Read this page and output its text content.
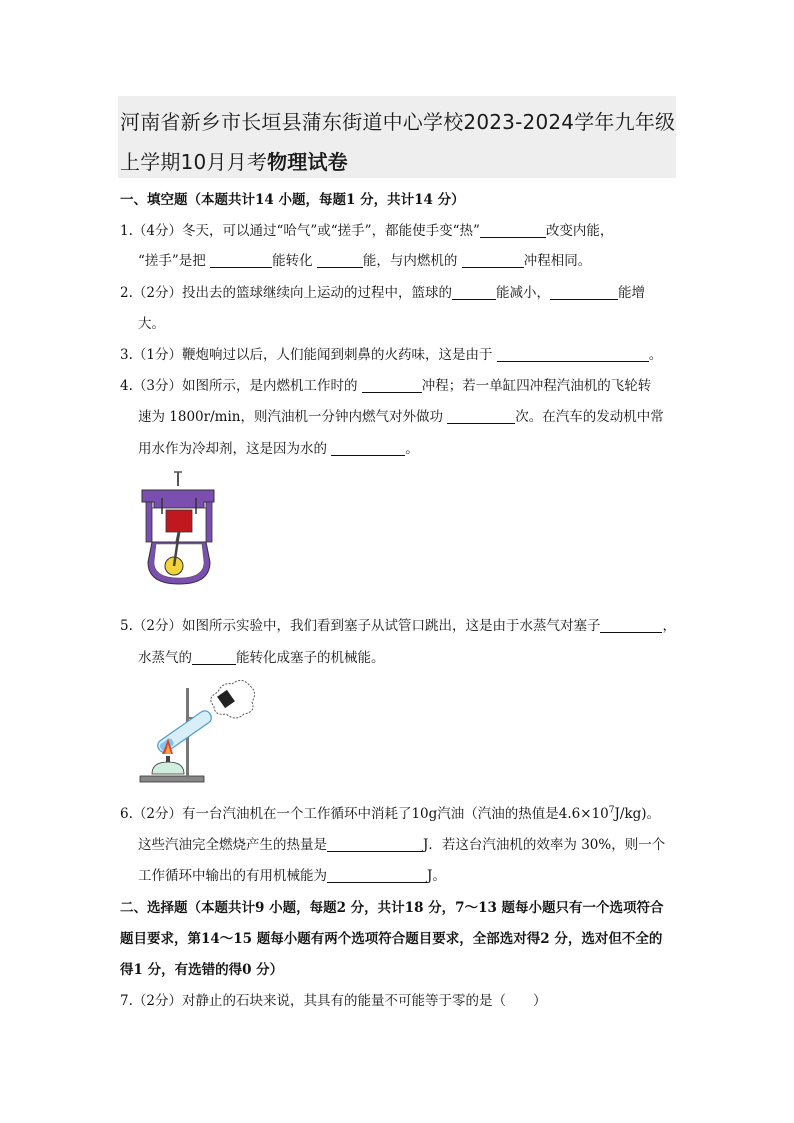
河南省新乡市长垣县蒲东街道中心学校2023-2024学年九年级
上学期10月月考物理试卷
一、填空题（本题共计14 小题，每题1 分，共计14 分）
1.（4分）冬天，可以通过“哈气”或“搓手”，都能使手变“热”	改变内能，
“搓手”是把	能转化	能，与内燃机的	冲程相同。
2.（2分）投出去的篮球继续向上运动的过程中，篮球的	能减小，	能增
大。
3.（1分）鞭炮响过以后，人们能闻到刺鼻的火药味，这是由于	。
4.（3分）如图所示，是内燃机工作时的	冲程；若一单缸四冲程汽油机的飞轮转
速为 1800r/min，则汽油机一分钟内燃气对外做功	次。在汽车的发动机中常
用水作为冷却剂，这是因为水的	。
5.（2分）如图所示实验中，我们看到塞子从试管口跳出，这是由于水蒸气对塞子	，
水蒸气的	能转化成塞子的机械能。
6.（2分）有一台汽油机在一个工作循环中消耗了10g汽油（汽油的热值是$4.6\times 10^7J/kg$)。
这些汽油完全燃烧产生的热量是	J．若这台汽油机的效率为 30%，则一个
工作循环中输出的有用机械能为	J。
二、选择题（本题共计9 小题，每题2 分，共计18 分，7～13 题每小题只有一个选项符合
题目要求，第14～15 题每小题有两个选项符合题目要求，全部选对得2 分，选对但不全的
得1 分，有选错的得0 分）
7.（2分）对静止的石块来说，其具有的能量不可能等于零的是（　　）
